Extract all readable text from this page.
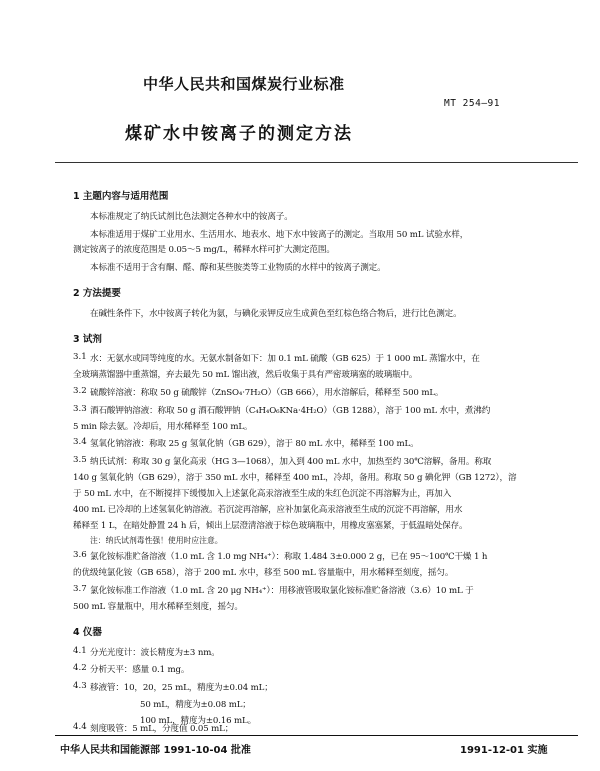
中华人民共和国煤炭行业标准
MT 254—91
煤矿水中铵离子的测定方法
1 主题内容与适用范围
本标准规定了纳氏试剂比色法测定各种水中的铵离子。
本标准适用于煤矿工业用水、生活用水、地表水、地下水中铵离子的测定。当取用 50 mL 试验水样，
测定铵离子的浓度范围是 0.05～5 mg/L，稀释水样可扩大测定范围。
本标准不适用于含有酮、醛、醇和某些胺类等工业物质的水样中的铵离子测定。
2 方法提要
在碱性条件下，水中铵离子转化为氨，与碘化汞钾反应生成黄色至红棕色络合物后，进行比色测定。
3 试剂
3.1 水：无氨水或同等纯度的水。无氨水制备如下：加 0.1 mL 硫酸（GB 625）于 1 000 mL 蒸馏水中，在
全玻璃蒸馏器中重蒸馏，弃去最先 50 mL 馏出液，然后收集于具有严密玻璃塞的玻璃瓶中。
3.2 硫酸锌溶液：称取 50 g 硫酸锌（ZnSO₄·7H₂O）（GB 666），用水溶解后，稀释至 500 mL。
3.3 酒石酸钾钠溶液：称取 50 g 酒石酸钾钠（C₄H₄O₆KNa·4H₂O）（GB 1288），溶于 100 mL 水中，煮沸约
5 min 除去氨。冷却后，用水稀释至 100 mL。
3.4 氢氧化钠溶液：称取 25 g 氢氧化钠（GB 629），溶于 80 mL 水中，稀释至 100 mL。
3.5 纳氏试剂：称取 30 g 氯化高汞（HG 3—1068），加入到 400 mL 水中，加热至约 30℃溶解，备用。称取
140 g 氢氧化钠（GB 629），溶于 350 mL 水中，稀释至 400 mL，冷却，备用。称取 50 g 碘化钾（GB 1272），溶
于 50 mL 水中，在不断搅拌下缓慢加入上述氯化高汞溶液至生成的朱红色沉淀不再溶解为止，再加入
400 mL 已冷却的上述氢氧化钠溶液。若沉淀再溶解，应补加氯化高汞溶液至生成的沉淀不再溶解，用水
稀释至 1 L，在暗处静置 24 h 后，倾出上层澄清溶液于棕色玻璃瓶中，用橡皮塞塞紧，于低温暗处保存。
注：纳氏试剂毒性强！使用时应注意。
3.6 氯化铵标准贮备溶液（1.0 mL 含 1.0 mg NH₄⁺）：称取 1.484 3±0.000 2 g，已在 95～100℃干燥 1 h
的优级纯氯化铵（GB 658），溶于 200 mL 水中，移至 500 mL 容量瓶中，用水稀释至刻度，摇匀。
3.7 氯化铵标准工作溶液（1.0 mL 含 20 μg NH₄⁺）：用移液管吸取氯化铵标准贮备溶液（3.6）10 mL 于
500 mL 容量瓶中，用水稀释至刻度，摇匀。
4 仪器
4.1 分光光度计：波长精度为±3 nm。
4.2 分析天平：感量 0.1 mg。
4.3 移液管：10，20，25 mL，精度为±0.04 mL；
50 mL，精度为±0.08 mL；
100 mL，精度为±0.16 mL。
4.4 刻度吸管：5 mL，分度值 0.05 mL；
中华人民共和国能源部 1991-10-04 批准	1991-12-01 实施
